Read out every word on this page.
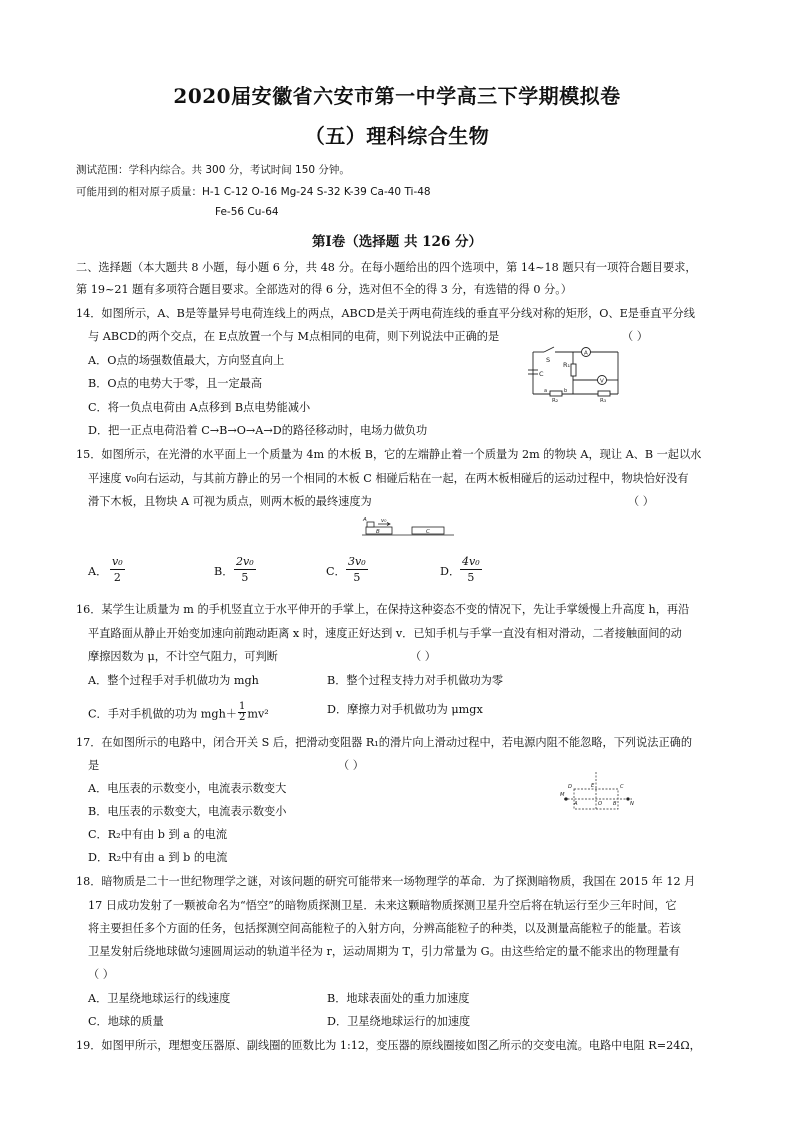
2020届安徽省六安市第一中学高三下学期模拟卷
（五）理科综合生物
测试范围：学科内综合。共 300 分，考试时间 150 分钟。
可能用到的相对原子质量：H-1 C-12 O-16 Mg-24 S-32 K-39 Ca-40 Ti-48
Fe-56 Cu-64
第Ⅰ卷（选择题 共 126 分）
二、选择题（本大题共 8 小题，每小题 6 分，共 48 分。在每小题给出的四个选项中，第 14~18 题只有一项符合题目要求，
第 19~21 题有多项符合题目要求。全部选对的得 6 分，选对但不全的得 3 分，有选错的得 0 分。）
14．如图所示，A、B是等量异号电荷连线上的两点，ABCD是关于两电荷连线的垂直平分线对称的矩形，O、E是垂直平分线
与 ABCD的两个交点，在 E点放置一个与 M点相同的电荷，则下列说法中正确的是	（ ）
A．O点的场强数值最大，方向竖直向上
B．O点的电势大于零，且一定最高
C．将一负点电荷由 A点移到 B点电势能减小
D．把一正点电荷沿着 C→B→O→A→D的路径移动时，电场力做负功
S
R₁
A
V
C
a
R₂
b
R₃
15．如图所示，在光滑的水平面上一个质量为 4m 的木板 B，它的左端静止着一个质量为 2m 的物块 A，现让 A、B 一起以水
平速度 v₀向右运动，与其前方静止的另一个相同的木板 C 相碰后粘在一起，在两木板相碰后的运动过程中，物块恰好没有
滑下木板，且物块 A 可视为质点，则两木板的最终速度为	（ ）
A
B
v₀
C
A． $\frac{\text{v₀}}{2}$	B． $\frac{\text{2v₀}}{5}$	C． $\frac{\text{3v₀}}{5}$	D． $\frac{\text{4v₀}}{5}$
16．某学生让质量为 m 的手机竖直立于水平伸开的手掌上，在保持这种姿态不变的情况下，先让手掌缓慢上升高度 h，再沿
平直路面从静止开始变加速向前跑动距离 x 时，速度正好达到 v．已知手机与手掌一直没有相对滑动，二者接触面间的动
摩擦因数为 μ，不计空气阻力，可判断	（ ）
A．整个过程手对手机做功为 mgh	B．整个过程支持力对手机做功为零
C．手对手机做的功为 $mgh+ \frac{1}{2} mv^2$	D．摩擦力对手机做功为 μmgx
17．在如图所示的电路中，闭合开关 S 后，把滑动变阻器 R₁的滑片向上滑动过程中，若电源内阻不能忽略，下列说法正确的
是	（ ）
A．电压表的示数变小，电流表示数变大
B．电压表的示数变大，电流表示数变小
C．R₂中有由 b 到 a 的电流
D．R₂中有由 a 到 b 的电流
D	E	C
M
A	O B	N
18．暗物质是二十一世纪物理学之谜，对该问题的研究可能带来一场物理学的革命．为了探测暗物质，我国在 2015 年 12 月
17 日成功发射了一颗被命名为“悟空”的暗物质探测卫星．未来这颗暗物质探测卫星升空后将在轨运行至少三年时间，它
将主要担任多个方面的任务，包括探测空间高能粒子的入射方向，分辨高能粒子的种类，以及测量高能粒子的能量。若该
卫星发射后绕地球做匀速圆周运动的轨道半径为 r，运动周期为 T，引力常量为 G。由这些给定的量不能求出的物理量有
（ ）
A．卫星绕地球运行的线速度	B．地球表面处的重力加速度
C．地球的质量	D．卫星绕地球运行的加速度
19．如图甲所示，理想变压器原、副线圈的匝数比为 1:12，变压器的原线圈接如图乙所示的交变电流。电路中电阻 R=24Ω，
